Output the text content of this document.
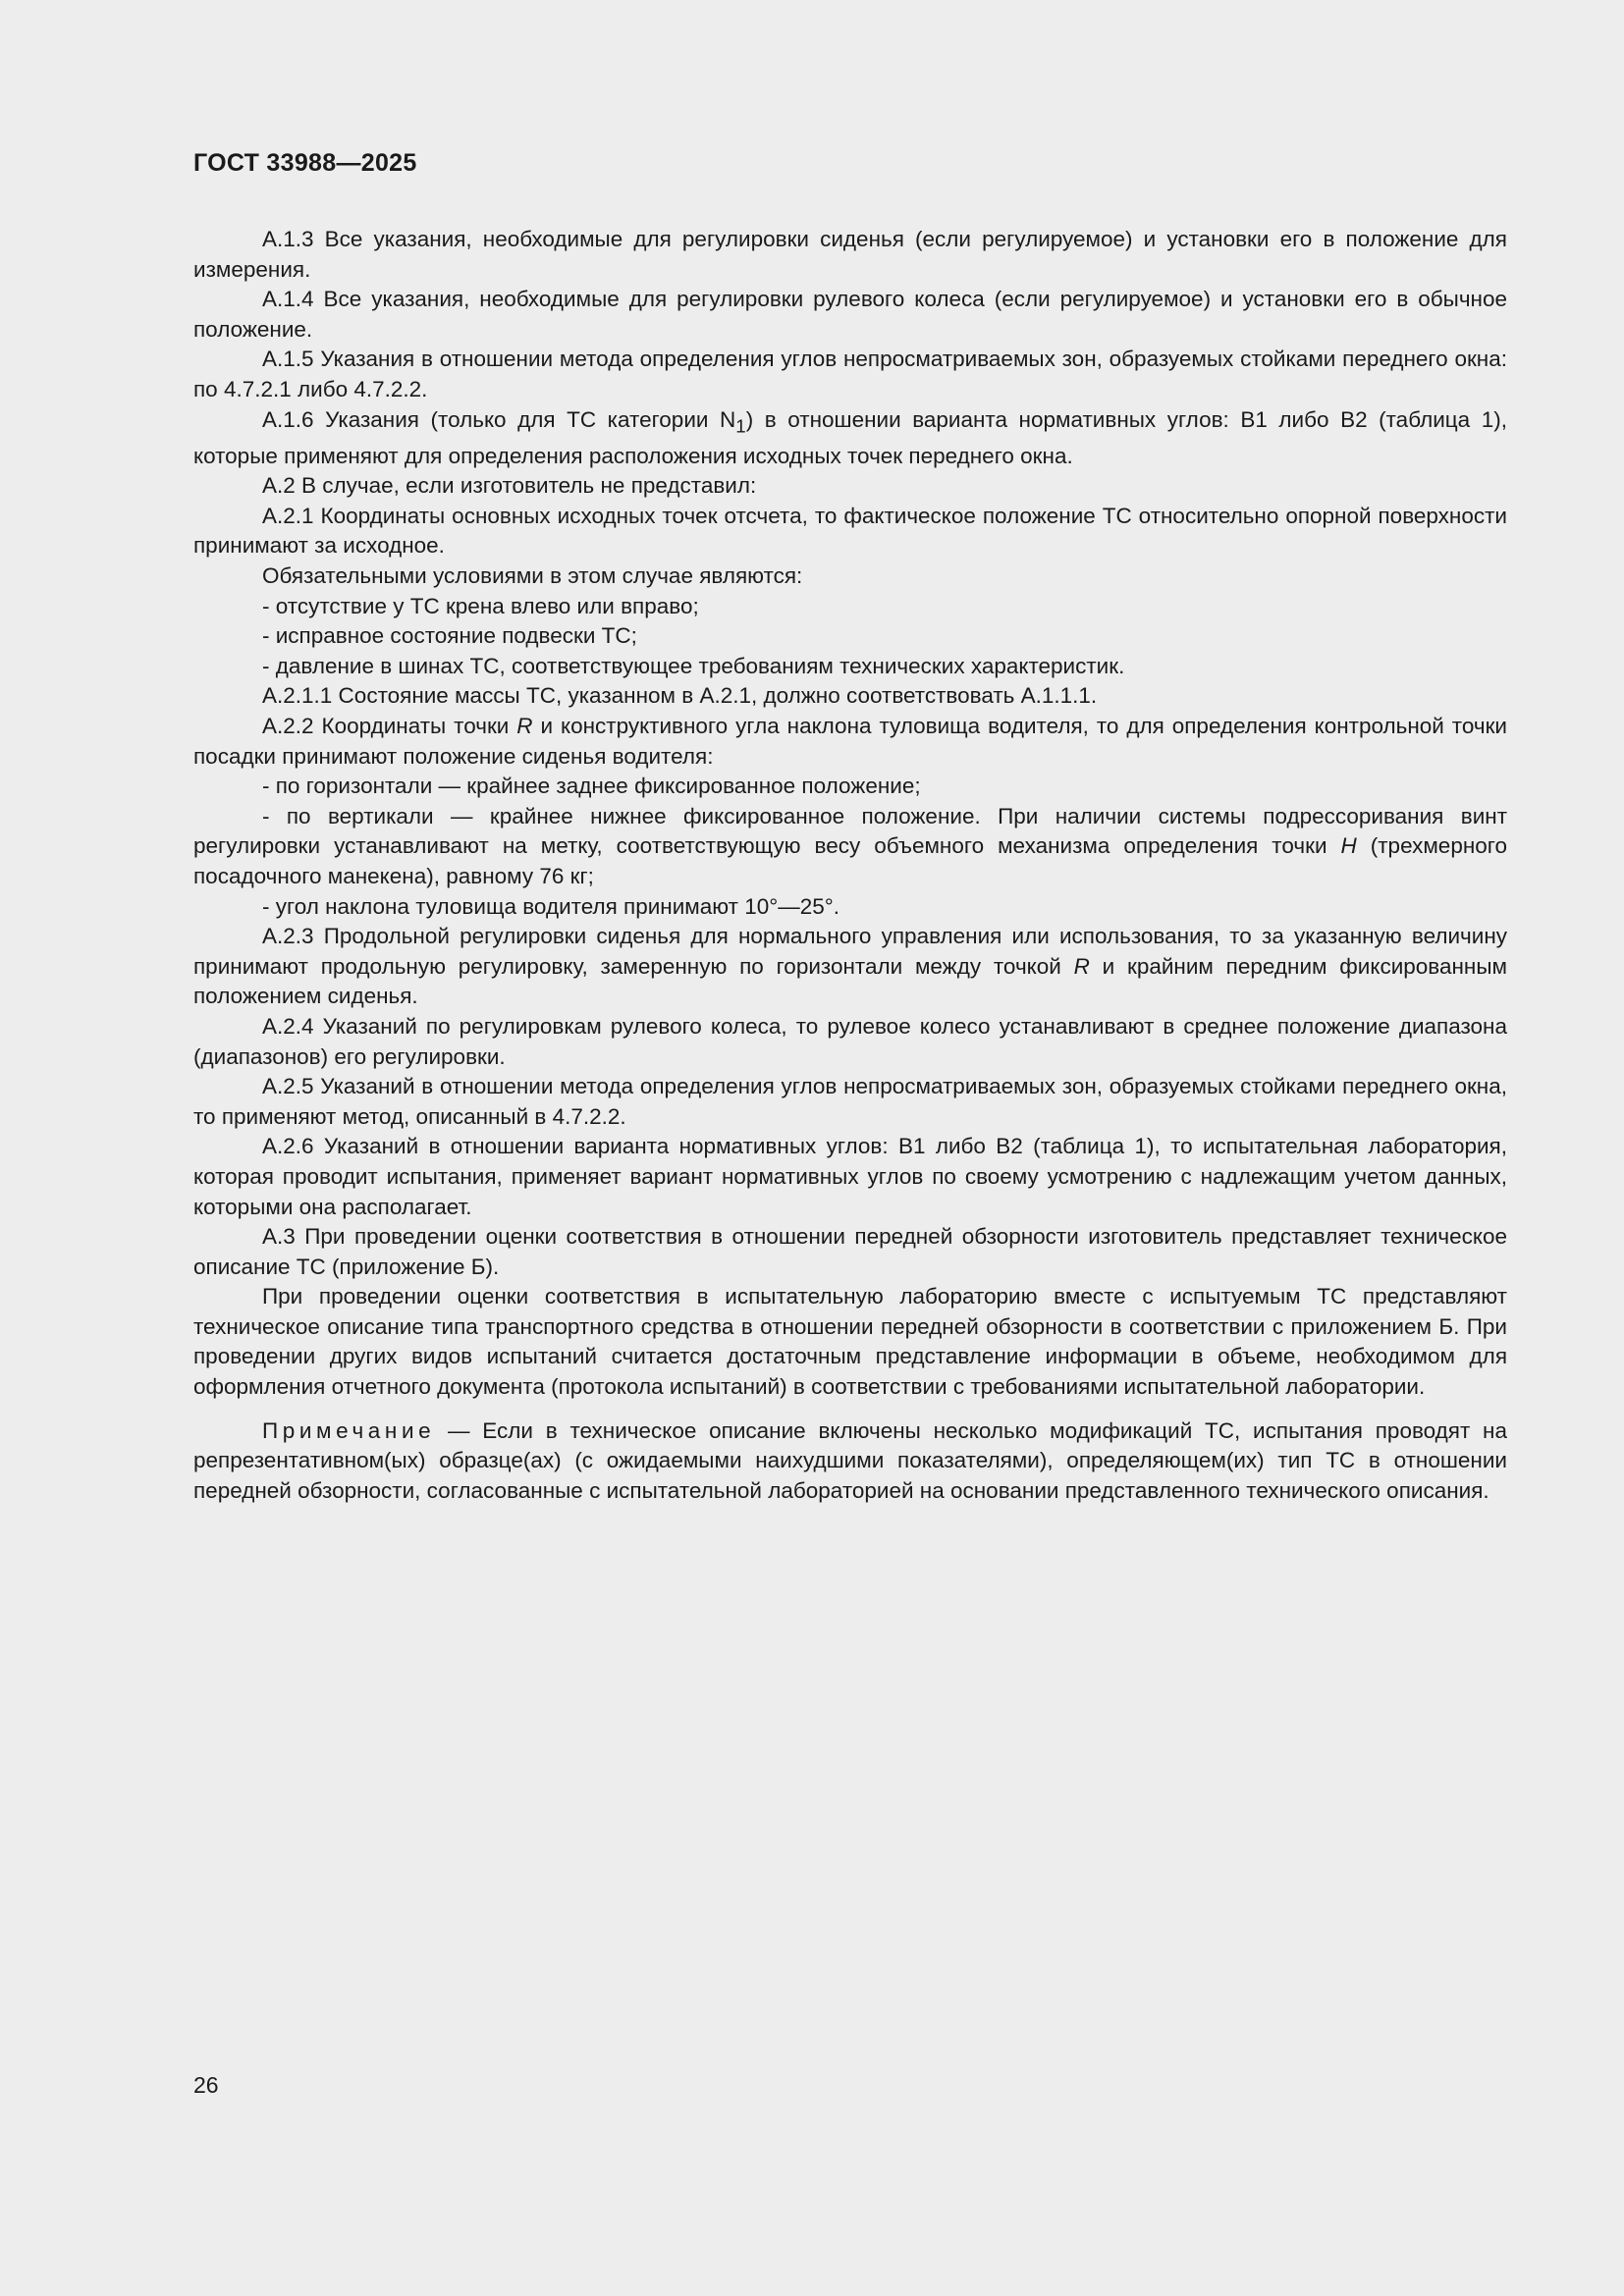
ГОСТ 33988—2025

А.1.3 Все указания, необходимые для регулировки сиденья (если регулируемое) и установки его в положение для измерения.

А.1.4 Все указания, необходимые для регулировки рулевого колеса (если регулируемое) и установки его в обычное положение.

А.1.5 Указания в отношении метода определения углов непросматриваемых зон, образуемых стойками переднего окна: по 4.7.2.1 либо 4.7.2.2.

А.1.6 Указания (только для ТС категории $N_1$) в отношении варианта нормативных углов: В1 либо В2 (таблица 1), которые применяют для определения расположения исходных точек переднего окна.

А.2 В случае, если изготовитель не представил:

А.2.1 Координаты основных исходных точек отсчета, то фактическое положение ТС относительно опорной поверхности принимают за исходное.

Обязательными условиями в этом случае являются:

- отсутствие у ТС крена влево или вправо;

- исправное состояние подвески ТС;

- давление в шинах ТС, соответствующее требованиям технических характеристик.

А.2.1.1 Состояние массы ТС, указанном в А.2.1, должно соответствовать А.1.1.1.

А.2.2 Координаты точки R и конструктивного угла наклона туловища водителя, то для определения контрольной точки посадки принимают положение сиденья водителя:

- по горизонтали — крайнее заднее фиксированное положение;

- по вертикали — крайнее нижнее фиксированное положение. При наличии системы подрессоривания винт регулировки устанавливают на метку, соответствующую весу объемного механизма определения точки Н (трехмерного посадочного манекена), равному 76 кг;

- угол наклона туловища водителя принимают 10°—25°.

А.2.3 Продольной регулировки сиденья для нормального управления или использования, то за указанную величину принимают продольную регулировку, замеренную по горизонтали между точкой R и крайним передним фиксированным положением сиденья.

А.2.4 Указаний по регулировкам рулевого колеса, то рулевое колесо устанавливают в среднее положение диапазона (диапазонов) его регулировки.

А.2.5 Указаний в отношении метода определения углов непросматриваемых зон, образуемых стойками переднего окна, то применяют метод, описанный в 4.7.2.2.

А.2.6 Указаний в отношении варианта нормативных углов: В1 либо В2 (таблица 1), то испытательная лаборатория, которая проводит испытания, применяет вариант нормативных углов по своему усмотрению с надлежащим учетом данных, которыми она располагает.

А.3 При проведении оценки соответствия в отношении передней обзорности изготовитель представляет техническое описание ТС (приложение Б).

При проведении оценки соответствия в испытательную лабораторию вместе с испытуемым ТС представляют техническое описание типа транспортного средства в отношении передней обзорности в соответствии с приложением Б. При проведении других видов испытаний считается достаточным представление информации в объеме, необходимом для оформления отчетного документа (протокола испытаний) в соответствии с требованиями испытательной лаборатории.

Примечание — Если в техническое описание включены несколько модификаций ТС, испытания проводят на репрезентативном(ых) образце(ах) (с ожидаемыми наихудшими показателями), определяющем(их) тип ТС в отношении передней обзорности, согласованные с испытательной лабораторией на основании представленного технического описания.

26
